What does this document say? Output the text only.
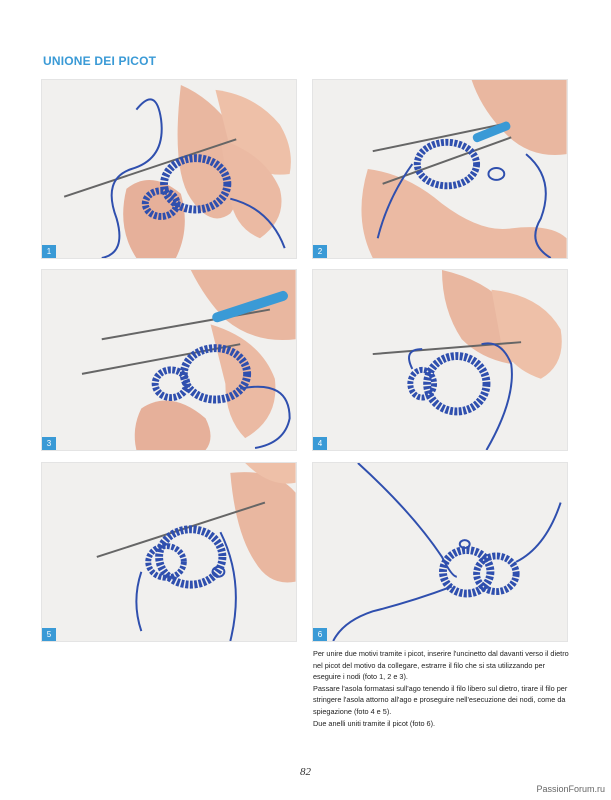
UNIONE DEI PICOT
1	2
3	4
5	6

Per unire due motivi tramite i picot, inserire l'uncinetto dal davanti verso il dietro nel picot del motivo da collegare, estrarre il filo che si sta utilizzando per eseguire i nodi (foto 1, 2 e 3).

Passare l'asola formatasi sull'ago tenendo il filo libero sul dietro, tirare il filo per stringere l'asola attorno all'ago e proseguire nell'esecuzione dei nodi, come da spiegazione (foto 4 e 5).

Due anelli uniti tramite il picot (foto 6).

82
PassionForum.ru
